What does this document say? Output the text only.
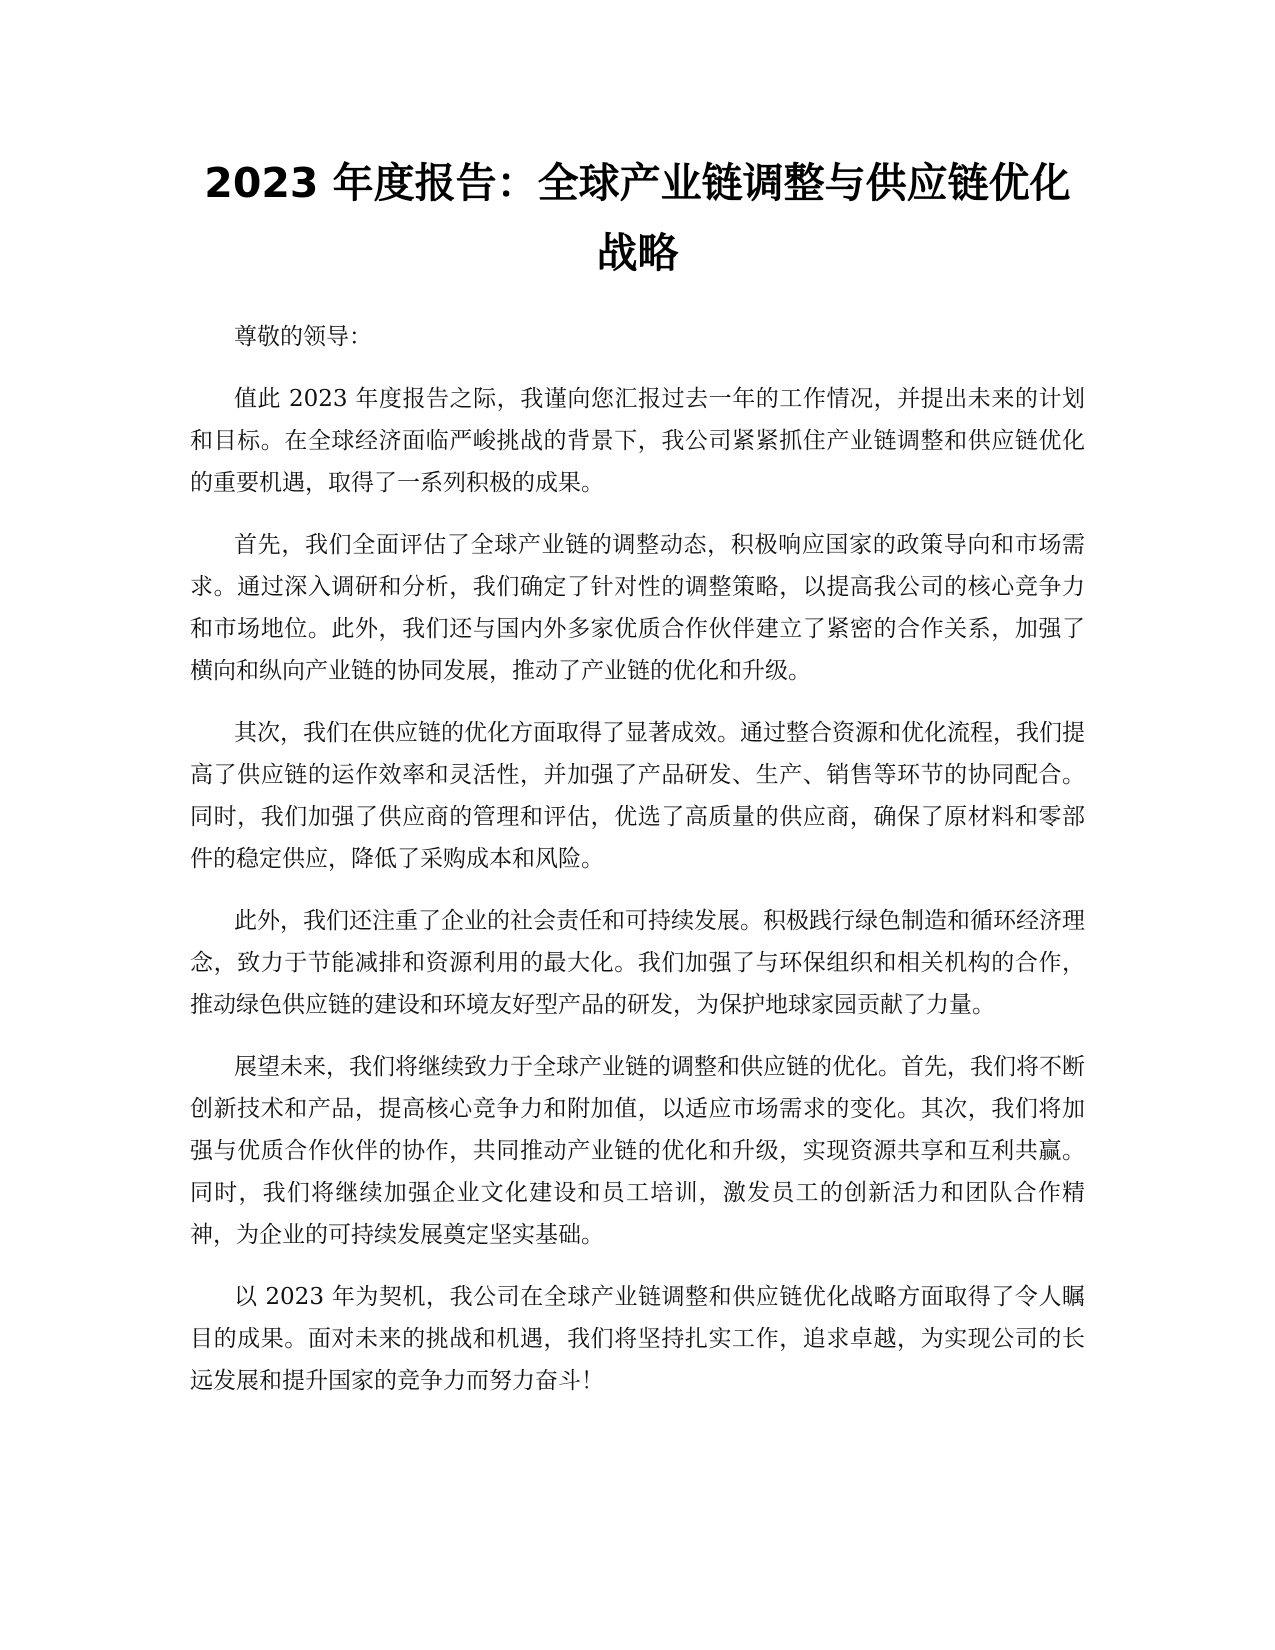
2023 年度报告：全球产业链调整与供应链优化战略

尊敬的领导：

值此 2023 年度报告之际，我谨向您汇报过去一年的工作情况，并提出未来的计划和目标。在全球经济面临严峻挑战的背景下，我公司紧紧抓住产业链调整和供应链优化的重要机遇，取得了一系列积极的成果。

首先，我们全面评估了全球产业链的调整动态，积极响应国家的政策导向和市场需求。通过深入调研和分析，我们确定了针对性的调整策略，以提高我公司的核心竞争力和市场地位。此外，我们还与国内外多家优质合作伙伴建立了紧密的合作关系，加强了横向和纵向产业链的协同发展，推动了产业链的优化和升级。

其次，我们在供应链的优化方面取得了显著成效。通过整合资源和优化流程，我们提高了供应链的运作效率和灵活性，并加强了产品研发、生产、销售等环节的协同配合。同时，我们加强了供应商的管理和评估，优选了高质量的供应商，确保了原材料和零部件的稳定供应，降低了采购成本和风险。

此外，我们还注重了企业的社会责任和可持续发展。积极践行绿色制造和循环经济理念，致力于节能减排和资源利用的最大化。我们加强了与环保组织和相关机构的合作，推动绿色供应链的建设和环境友好型产品的研发，为保护地球家园贡献了力量。

展望未来，我们将继续致力于全球产业链的调整和供应链的优化。首先，我们将不断创新技术和产品，提高核心竞争力和附加值，以适应市场需求的变化。其次，我们将加强与优质合作伙伴的协作，共同推动产业链的优化和升级，实现资源共享和互利共赢。同时，我们将继续加强企业文化建设和员工培训，激发员工的创新活力和团队合作精神，为企业的可持续发展奠定坚实基础。

以 2023 年为契机，我公司在全球产业链调整和供应链优化战略方面取得了令人瞩目的成果。面对未来的挑战和机遇，我们将坚持扎实工作，追求卓越，为实现公司的长远发展和提升国家的竞争力而努力奋斗！
